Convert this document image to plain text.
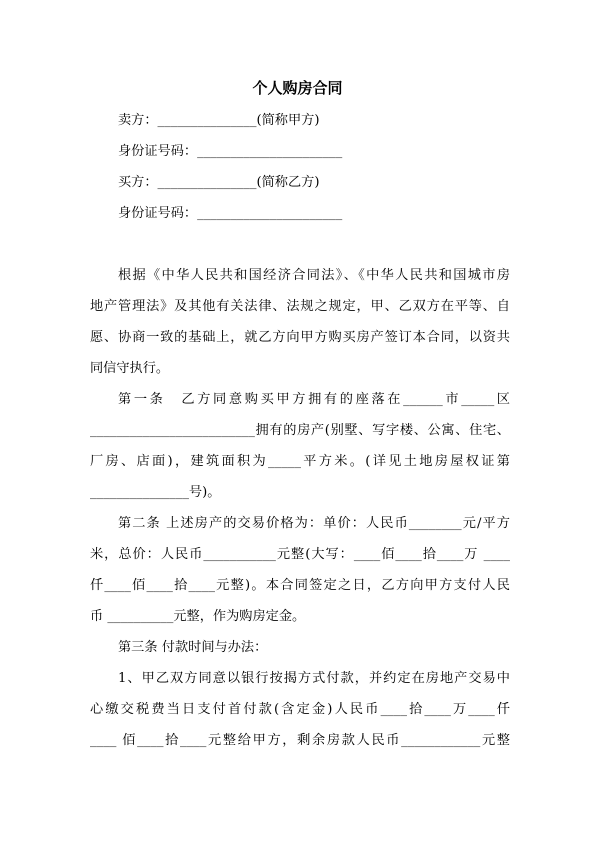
个人购房合同
卖方：_______________(简称甲方)
身份证号码：______________________
买方：_______________(简称乙方)
身份证号码：______________________
根据《中华人民共和国经济合同法》、《中华人民共和国城市房
地产管理法》及其他有关法律、法规之规定，甲、乙双方在平等、自
愿、协商一致的基础上，就乙方向甲方购买房产签订本合同，以资共
同信守执行。
第一条　乙方同意购买甲方拥有的座落在______市_____区
_________________________拥有的房产(别墅、写字楼、公寓、住宅、
厂房、店面)，建筑面积为_____平方米。(详见土地房屋权证第
_______________号)。
第二条 上述房产的交易价格为：单价：人民币________元/平方
米，总价：人民币___________元整(大写：____佰____拾____万 ____
仟____佰____拾____元整)。本合同签定之日，乙方向甲方支付人民
币 __________元整，作为购房定金。
第三条 付款时间与办法：
1、甲乙双方同意以银行按揭方式付款，并约定在房地产交易中
心缴交税费当日支付首付款(含定金)人民币____拾____万____仟
____ 佰____拾____元整给甲方，剩余房款人民币____________元整
